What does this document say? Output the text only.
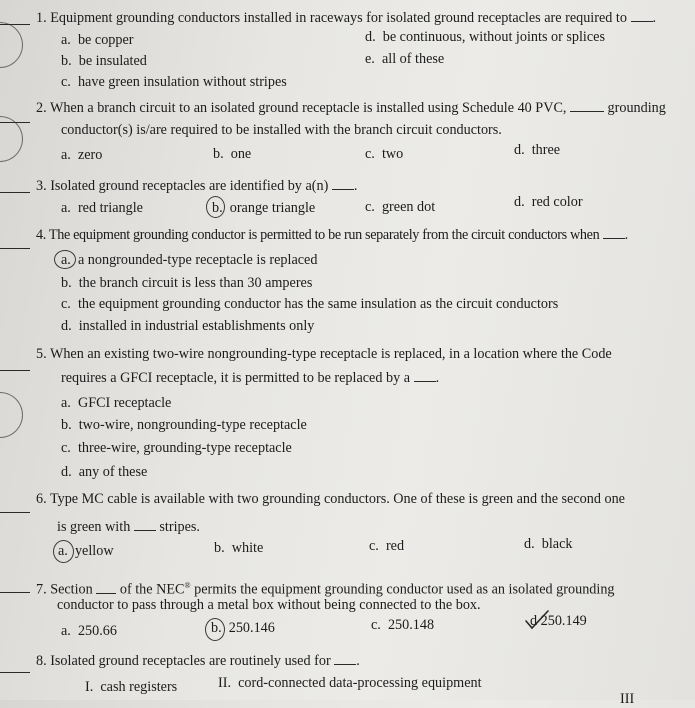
1. Equipment grounding conductors installed in raceways for isolated ground receptacles are required to .
a. be copper	d. be continuous, without joints or splices
b. be insulated	e. all of these
c. have green insulation without stripes
2. When a branch circuit to an isolated ground receptacle is installed using Schedule 40 PVC,	grounding
conductor(s) is/are required to be installed with the branch circuit conductors.
a. zero	b. one	c. two	d. three
3. Isolated ground receptacles are identified by a(n) .
a. red triangle	b. orange triangle	c. green dot	d. red color
4. The equipment grounding conductor is permitted to be run separately from the circuit conductors when .
a. a nongrounded-type receptacle is replaced
b. the branch circuit is less than 30 amperes
c. the equipment grounding conductor has the same insulation as the circuit conductors
d. installed in industrial establishments only
5. When an existing two-wire nongrounding-type receptacle is replaced, in a location where the Code
requires a GFCI receptacle, it is permitted to be replaced by a .
a. GFCI receptacle
b. two-wire, nongrounding-type receptacle
c. three-wire, grounding-type receptacle
d. any of these
6. Type MC cable is available with two grounding conductors. One of these is green and the second one
is green with stripes.
a. yellow	b. white	c. red	d. black
7. Section of the NEC® permits the equipment grounding conductor used as an isolated grounding
conductor to pass through a metal box without being connected to the box.
a. 250.66	b. 250.146	c. 250.148	d 250.149
8. Isolated ground receptacles are routinely used for .
I. cash registers	II. cord-connected data-processing equipment
III
